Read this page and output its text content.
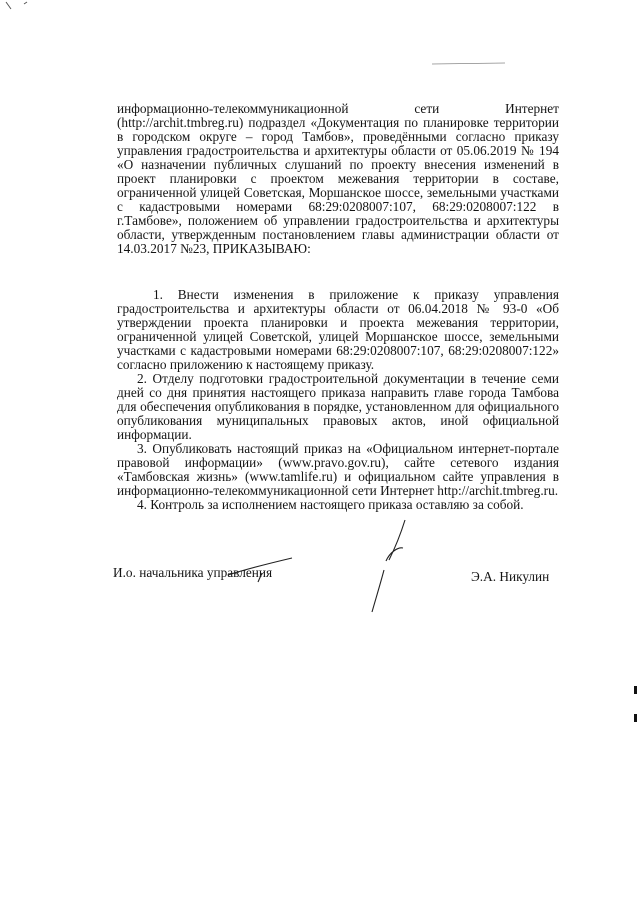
информационно-телекоммуникационной сети Интернет (http://archit.tmbreg.ru) подраздел «Документация по планировке территории в городском округе – город Тамбов», проведёнными согласно приказу управления градостроительства и архитектуры области от 05.06.2019 № 194 «О назначении публичных слушаний по проекту внесения изменений в проект планировки с проектом межевания территории в составе, ограниченной улицей Советская, Моршанское шоссе, земельными участками с кадастровыми номерами 68:29:0208007:107, 68:29:0208007:122 в г.Тамбове», положением об управлении градостроительства и архитектуры области, утвержденным постановлением главы администрации области от 14.03.2017 №23, ПРИКАЗЫВАЮ:

1. Внести изменения в приложение к приказу управления градостроительства и архитектуры области от 06.04.2018 № 93-0 «Об утверждении проекта планировки и проекта межевания территории, ограниченной улицей Советской, улицей Моршанское шоссе, земельными участками с кадастровыми номерами 68:29:0208007:107, 68:29:0208007:122» согласно приложению к настоящему приказу.

2. Отделу подготовки градостроительной документации в течение семи дней со дня принятия настоящего приказа направить главе города Тамбова для обеспечения опубликования в порядке, установленном для официального опубликования муниципальных правовых актов, иной официальной информации.

3. Опубликовать настоящий приказ на «Официальном интернет-портале правовой информации» (www.pravo.gov.ru), сайте сетевого издания «Тамбовская жизнь» (www.tamlife.ru) и официальном сайте управления в информационно-телекоммуникационной сети Интернет http://archit.tmbreg.ru.

4. Контроль за исполнением настоящего приказа оставляю за собой.

И.о. начальника управления	Э.А. Никулин
